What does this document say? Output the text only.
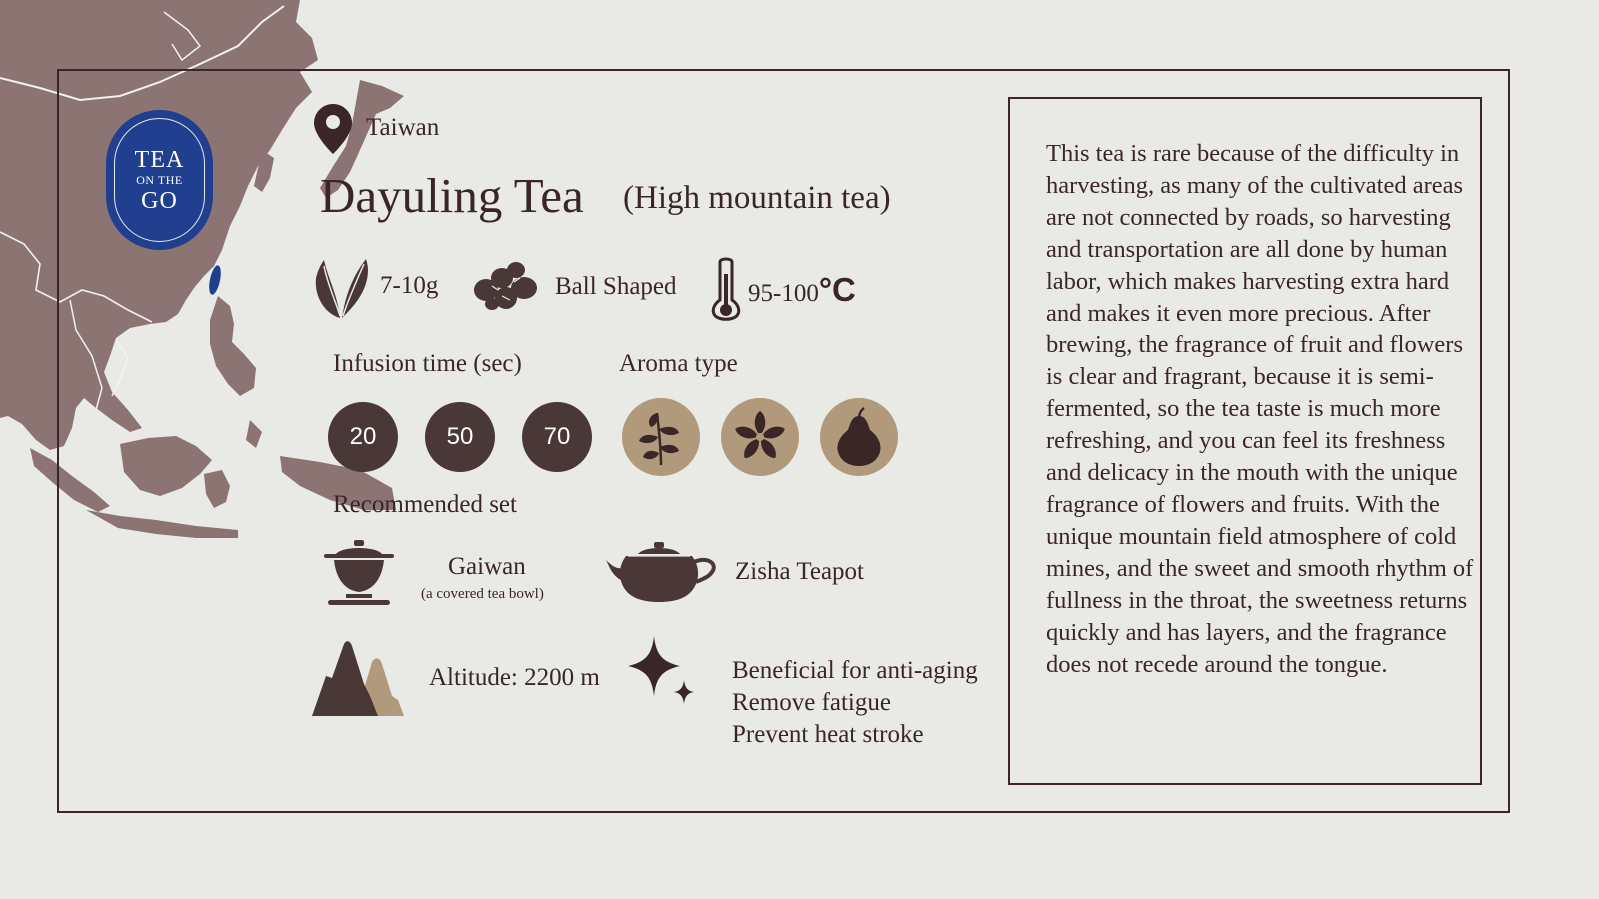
TEA
ON THE
GO
Taiwan
Dayuling Tea (High mountain tea)
7-10g	Ball Shaped	95-100°C
Infusion time (sec)
20	50	70
Aroma type
Recommended set
Gaiwan
(a covered tea bowl)
Zisha Teapot
Altitude: 2200 m	Beneficial for anti-aging
Remove fatigue
Prevent heat stroke
This tea is rare because of the difficulty in harvesting, as many of the cultivated areas are not connected by roads, so harvesting and transportation are all done by human labor, which makes harvesting extra hard and makes it even more precious. After brewing, the fragrance of fruit and flowers is clear and fragrant, because it is semi-fermented, so the tea taste is much more refreshing, and you can feel its freshness and delicacy in the mouth with the unique fragrance of flowers and fruits. With the unique mountain field atmosphere of cold mines, and the sweet and smooth rhythm of fullness in the throat, the sweetness returns quickly and has layers, and the fragrance does not recede around the tongue.
